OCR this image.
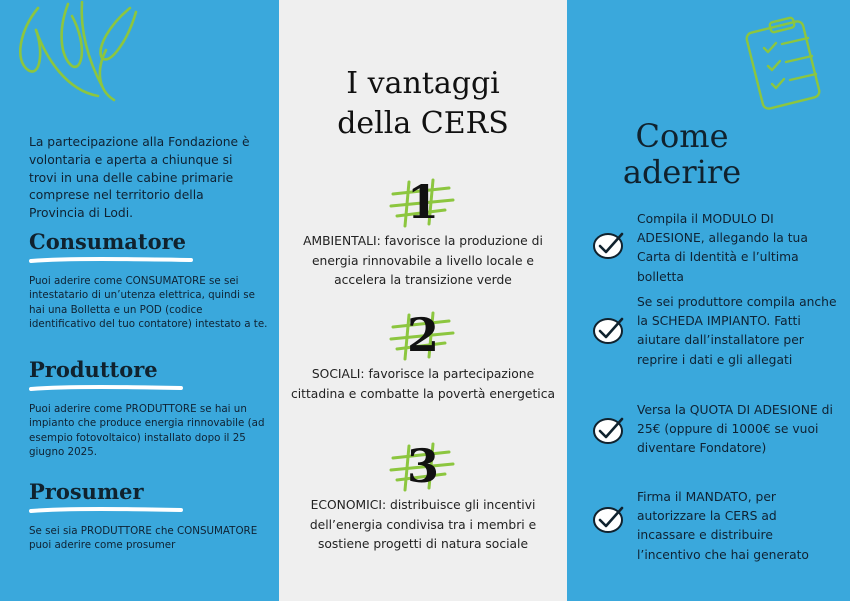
La partecipazione alla Fondazione è volontaria e aperta a chiunque si trovi in una delle cabine primarie comprese nel territorio della Provincia di Lodi.
Consumatore
Puoi aderire come CONSUMATORE se sei intestatario di un’utenza elettrica, quindi se hai una Bolletta e un POD (codice identificativo del tuo contatore) intestato a te.
Produttore
Puoi aderire come PRODUTTORE se hai un impianto che produce energia rinnovabile (ad esempio fotovoltaico) installato dopo il 25 giugno 2025.
Prosumer
Se sei sia PRODUTTORE che CONSUMATORE puoi aderire come prosumer
I vantaggi
della CERS
1
AMBIENTALI: favorisce la produzione di energia rinnovabile a livello locale e accelera la transizione verde
2
SOCIALI: favorisce la partecipazione cittadina e combatte la povertà energetica
3
ECONOMICI: distribuisce gli incentivi dell’energia condivisa tra i membri e sostiene progetti di natura sociale
Come
aderire
Compila il MODULO DI ADESIONE, allegando la tua Carta di Identità e l’ultima bolletta
Se sei produttore compila anche la SCHEDA IMPIANTO. Fatti aiutare dall’installatore per reprire i dati e gli allegati
Versa la QUOTA DI ADESIONE di 25€ (oppure di 1000€ se vuoi diventare Fondatore)
Firma il MANDATO, per autorizzare la CERS ad incassare e distribuire l’incentivo che hai generato
